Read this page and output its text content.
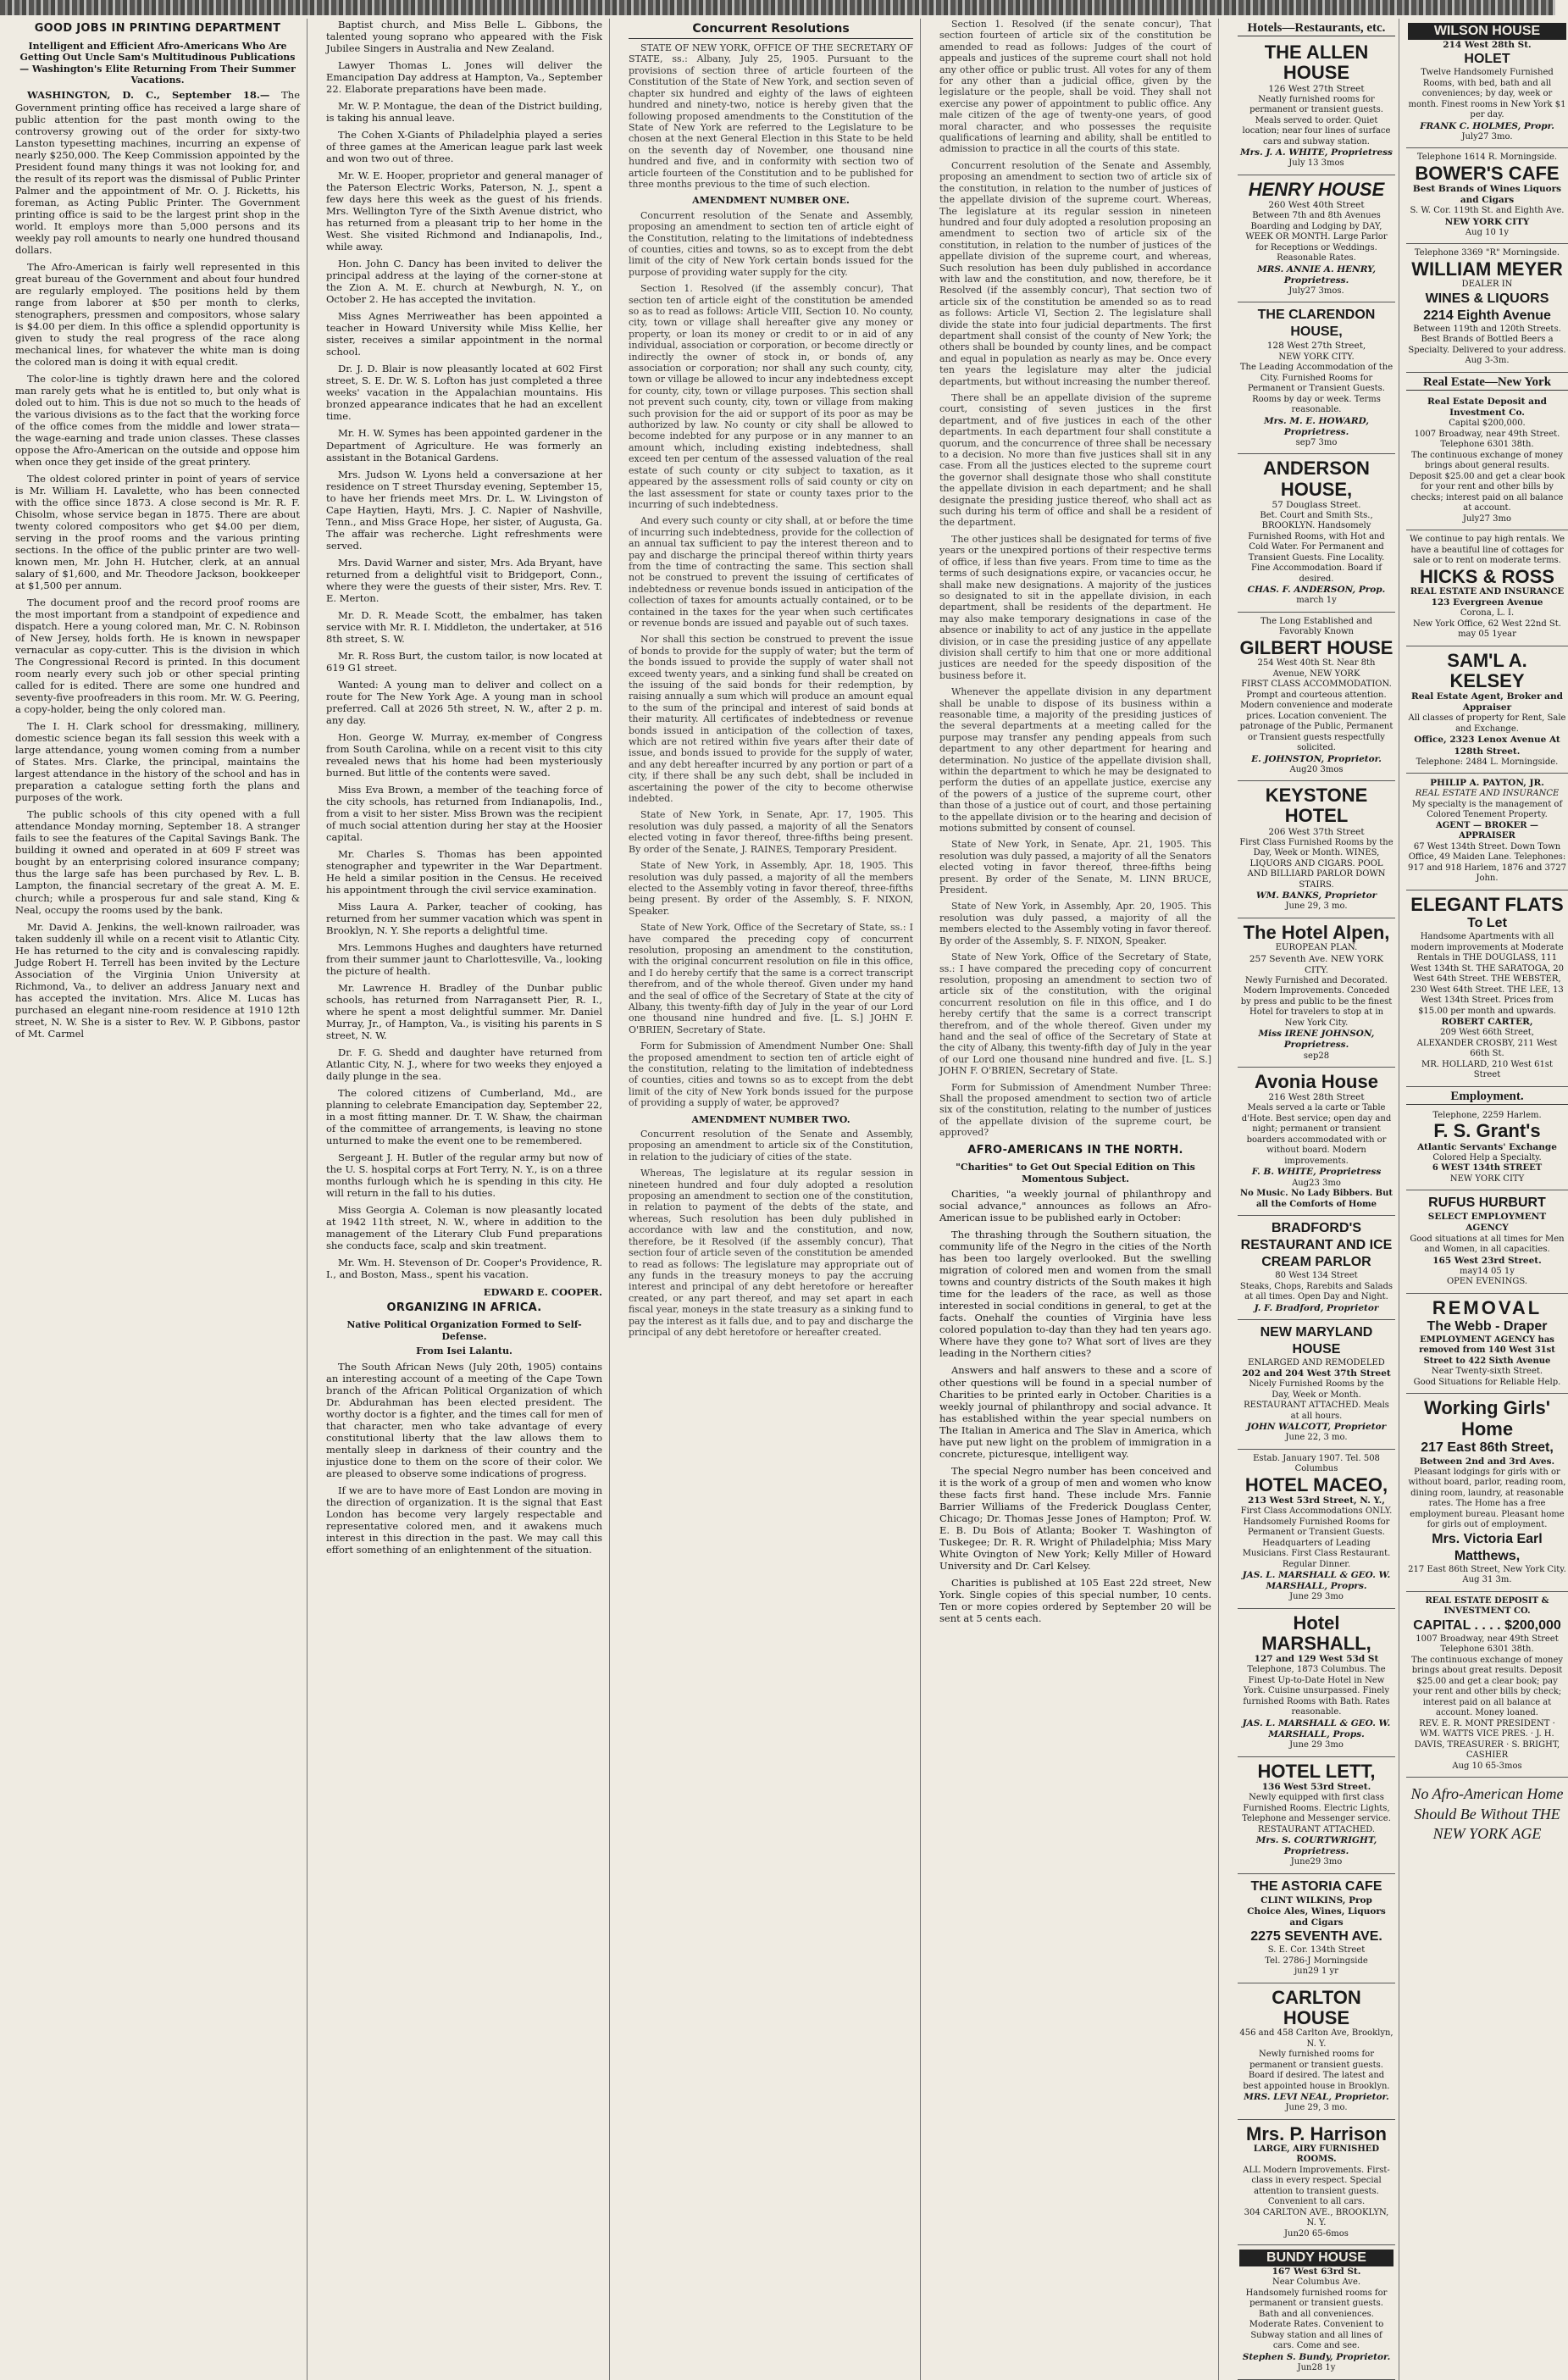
GOOD JOBS IN PRINTING DEPARTMENT
Intelligent and Efficient Afro-Americans Who Are Getting Out Uncle Sam's Multitudinous Publications — Washington's Elite Returning From Their Summer Vacations.

WASHINGTON, D. C., September 18.— The Government printing office has received a large share of public attention for the past month owing to the controversy growing out of the order for sixty-two Lanston typesetting machines, incurring an expense of nearly $250,000. The Keep Commission appointed by the President found many things it was not looking for, and the result of its report was the dismissal of Public Printer Palmer and the appointment of Mr. O. J. Ricketts, his foreman, as Acting Public Printer. The Government printing office is said to be the largest print shop in the world. It employs more than 5,000 persons and its weekly pay roll amounts to nearly one hundred thousand dollars.

The Afro-American is fairly well represented in this great bureau of the Government and about four hundred are regularly employed. The positions held by them range from laborer at $50 per month to clerks, stenographers, pressmen and compositors, whose salary is $4.00 per diem. In this office a splendid opportunity is given to study the real progress of the race along mechanical lines, for whatever the white man is doing the colored man is doing it with equal credit.

The color-line is tightly drawn here and the colored man rarely gets what he is entitled to, but only what is doled out to him. This is due not so much to the heads of the various divisions as to the fact that the working force of the office comes from the middle and lower strata—the wage-earning and trade union classes. These classes oppose the Afro-American on the outside and oppose him when once they get inside of the great printery.

The oldest colored printer in point of years of service is Mr. William H. Lavalette, who has been connected with the office since 1873. A close second is Mr. R. F. Chisolm, whose service began in 1875. There are about twenty colored compositors who get $4.00 per diem, serving in the proof rooms and the various printing sections. In the office of the public printer are two well-known men, Mr. John H. Hutcher, clerk, at an annual salary of $1,600, and Mr. Theodore Jackson, bookkeeper at $1,500 per annum.

The document proof and the record proof rooms are the most important from a standpoint of expedience and dispatch. Here a young colored man, Mr. C. N. Robinson of New Jersey, holds forth. He is known in newspaper vernacular as copy-cutter. This is the division in which The Congressional Record is printed. In this document room nearly every such job or other special printing called for is edited. There are some one hundred and seventy-five proofreaders in this room. Mr. W. G. Peering, a copy-holder, being the only colored man.

The I. H. Clark school for dressmaking, millinery, domestic science began its fall session this week with a large attendance, young women coming from a number of States. Mrs. Clarke, the principal, maintains the largest attendance in the history of the school and has in preparation a catalogue setting forth the plans and purposes of the work.

The public schools of this city opened with a full attendance Monday morning, September 18. A stranger fails to see the features of the Capital Savings Bank. The building it owned and operated in at 609 F street was bought by an enterprising colored insurance company; thus the large safe has been purchased by Rev. L. B. Lampton, the financial secretary of the great A. M. E. church; while a prosperous fur and sale stand, King & Neal, occupy the rooms used by the bank.

Mr. David A. Jenkins, the well-known railroader, was taken suddenly ill while on a recent visit to Atlantic City. He has returned to the city and is convalescing rapidly. Judge Robert H. Terrell has been invited by the Lecture Association of the Virginia Union University at Richmond, Va., to deliver an address January next and has accepted the invitation. Mrs. Alice M. Lucas has purchased an elegant nine-room residence at 1910 12th street, N. W. She is a sister to Rev. W. P. Gibbons, pastor of Mt. Carmel

Baptist church, and Miss Belle L. Gibbons, the talented young soprano who appeared with the Fisk Jubilee Singers in Australia and New Zealand.

Lawyer Thomas L. Jones will deliver the Emancipation Day address at Hampton, Va., September 22. Elaborate preparations have been made.

Mr. W. P. Montague, the dean of the District building, is taking his annual leave.

The Cohen X-Giants of Philadelphia played a series of three games at the American league park last week and won two out of three.

Mr. W. E. Hooper, proprietor and general manager of the Paterson Electric Works, Paterson, N. J., spent a few days here this week as the guest of his friends. Mrs. Wellington Tyre of the Sixth Avenue district, who has returned from a pleasant trip to her home in the West. She visited Richmond and Indianapolis, Ind., while away.

Hon. John C. Dancy has been invited to deliver the principal address at the laying of the corner-stone at the Zion A. M. E. church at Newburgh, N. Y., on October 2. He has accepted the invitation.

Miss Agnes Merriweather has been appointed a teacher in Howard University while Miss Kellie, her sister, receives a similar appointment in the normal school.

Dr. J. D. Blair is now pleasantly located at 602 First street, S. E. Dr. W. S. Lofton has just completed a three weeks' vacation in the Appalachian mountains. His bronzed appearance indicates that he had an excellent time.

Mr. H. W. Symes has been appointed gardener in the Department of Agriculture. He was formerly an assistant in the Botanical Gardens.

Mrs. Judson W. Lyons held a conversazione at her residence on T street Thursday evening, September 15, to have her friends meet Mrs. Dr. L. W. Livingston of Cape Haytien, Hayti, Mrs. J. C. Napier of Nashville, Tenn., and Miss Grace Hope, her sister, of Augusta, Ga. The affair was recherche. Light refreshments were served.

Mrs. David Warner and sister, Mrs. Ada Bryant, have returned from a delightful visit to Bridgeport, Conn., where they were the guests of their sister, Mrs. Rev. T. E. Merton.

Mr. D. R. Meade Scott, the embalmer, has taken service with Mr. R. I. Middleton, the undertaker, at 516 8th street, S. W.

Mr. R. Ross Burt, the custom tailor, is now located at 619 G1 street.

Wanted: A young man to deliver and collect on a route for The New York Age. A young man in school preferred. Call at 2026 5th street, N. W., after 2 p. m. any day.

Hon. George W. Murray, ex-member of Congress from South Carolina, while on a recent visit to this city revealed news that his home had been mysteriously burned. But little of the contents were saved.

Miss Eva Brown, a member of the teaching force of the city schools, has returned from Indianapolis, Ind., from a visit to her sister. Miss Brown was the recipient of much social attention during her stay at the Hoosier capital.

Mr. Charles S. Thomas has been appointed stenographer and typewriter in the War Department. He held a similar position in the Census. He received his appointment through the civil service examination.

Miss Laura A. Parker, teacher of cooking, has returned from her summer vacation which was spent in Brooklyn, N. Y. She reports a delightful time.

Mrs. Lemmons Hughes and daughters have returned from their summer jaunt to Charlottesville, Va., looking the picture of health.

Mr. Lawrence H. Bradley of the Dunbar public schools, has returned from Narragansett Pier, R. I., where he spent a most delightful summer. Mr. Daniel Murray, Jr., of Hampton, Va., is visiting his parents in S street, N. W.

Dr. F. G. Shedd and daughter have returned from Atlantic City, N. J., where for two weeks they enjoyed a daily plunge in the sea.

The colored citizens of Cumberland, Md., are planning to celebrate Emancipation day, September 22, in a most fitting manner. Dr. T. W. Shaw, the chairman of the committee of arrangements, is leaving no stone unturned to make the event one to be remembered.

Sergeant J. H. Butler of the regular army but now of the U. S. hospital corps at Fort Terry, N. Y., is on a three months furlough which he is spending in this city. He will return in the fall to his duties.

Miss Georgia A. Coleman is now pleasantly located at 1942 11th street, N. W., where in addition to the management of the Literary Club Fund preparations she conducts face, scalp and skin treatment.

Mr. Wm. H. Stevenson of Dr. Cooper's Providence, R. I., and Boston, Mass., spent his vacation.

EDWARD E. COOPER.
ORGANIZING IN AFRICA.
Native Political Organization Formed to Self-Defense.
From Isei Lalantu.

The South African News (July 20th, 1905) contains an interesting account of a meeting of the Cape Town branch of the African Political Organization of which Dr. Abdurahman has been elected president. The worthy doctor is a fighter, and the times call for men of that character, men who take advantage of every constitutional liberty that the law allows them to mentally sleep in darkness of their country and the injustice done to them on the score of their color. We are pleased to observe some indications of progress.

If we are to have more of East London are moving in the direction of organization. It is the signal that East London has become very largely respectable and representative colored men, and it awakens much interest in this direction in the past. We may call this effort something of an enlightenment of the situation.

Concurrent Resolutions

STATE OF NEW YORK, OFFICE OF THE SECRETARY OF STATE, ss.: Albany, July 25, 1905. Pursuant to the provisions of section three of article fourteen of the Constitution of the State of New York, and section seven of chapter six hundred and eighty of the laws of eighteen hundred and ninety-two, notice is hereby given that the following proposed amendments to the Constitution of the State of New York are referred to the Legislature to be chosen at the next General Election in this State to be held on the seventh day of November, one thousand nine hundred and five, and in conformity with section two of article fourteen of the Constitution and to be published for three months previous to the time of such election.

AMENDMENT NUMBER ONE.

Concurrent resolution of the Senate and Assembly, proposing an amendment to section ten of article eight of the Constitution, relating to the limitations of indebtedness of counties, cities and towns, so as to except from the debt limit of the city of New York certain bonds issued for the purpose of providing water supply for the city.

Section 1. Resolved (if the assembly concur), That section ten of article eight of the constitution be amended so as to read as follows: Article VIII, Section 10. No county, city, town or village shall hereafter give any money or property, or loan its money or credit to or in aid of any individual, association or corporation, or become directly or indirectly the owner of stock in, or bonds of, any association or corporation; nor shall any such county, city, town or village be allowed to incur any indebtedness except for county, city, town or village purposes. This section shall not prevent such county, city, town or village from making such provision for the aid or support of its poor as may be authorized by law. No county or city shall be allowed to become indebted for any purpose or in any manner to an amount which, including existing indebtedness, shall exceed ten per centum of the assessed valuation of the real estate of such county or city subject to taxation, as it appeared by the assessment rolls of said county or city on the last assessment for state or county taxes prior to the incurring of such indebtedness.

And every such county or city shall, at or before the time of incurring such indebtedness, provide for the collection of an annual tax sufficient to pay the interest thereon and to pay and discharge the principal thereof within thirty years from the time of contracting the same. This section shall not be construed to prevent the issuing of certificates of indebtedness or revenue bonds issued in anticipation of the collection of taxes for amounts actually contained, or to be contained in the taxes for the year when such certificates or revenue bonds are issued and payable out of such taxes.

Nor shall this section be construed to prevent the issue of bonds to provide for the supply of water; but the term of the bonds issued to provide the supply of water shall not exceed twenty years, and a sinking fund shall be created on the issuing of the said bonds for their redemption, by raising annually a sum which will produce an amount equal to the sum of the principal and interest of said bonds at their maturity. All certificates of indebtedness or revenue bonds issued in anticipation of the collection of taxes, which are not retired within five years after their date of issue, and bonds issued to provide for the supply of water, and any debt hereafter incurred by any portion or part of a city, if there shall be any such debt, shall be included in ascertaining the power of the city to become otherwise indebted.

State of New York, in Senate, Apr. 17, 1905. This resolution was duly passed, a majority of all the Senators elected voting in favor thereof, three-fifths being present. By order of the Senate, J. RAINES, Temporary President.

State of New York, in Assembly, Apr. 18, 1905. This resolution was duly passed, a majority of all the members elected to the Assembly voting in favor thereof, three-fifths being present. By order of the Assembly, S. F. NIXON, Speaker.

State of New York, Office of the Secretary of State, ss.: I have compared the preceding copy of concurrent resolution, proposing an amendment to the constitution, with the original concurrent resolution on file in this office, and I do hereby certify that the same is a correct transcript therefrom, and of the whole thereof. Given under my hand and the seal of office of the Secretary of State at the city of Albany, this twenty-fifth day of July in the year of our Lord one thousand nine hundred and five. [L. S.] JOHN F. O'BRIEN, Secretary of State.

Form for Submission of Amendment Number One: Shall the proposed amendment to section ten of article eight of the constitution, relating to the limitation of indebtedness of counties, cities and towns so as to except from the debt limit of the city of New York bonds issued for the purpose of providing a supply of water, be approved?

AMENDMENT NUMBER TWO.

Concurrent resolution of the Senate and Assembly, proposing an amendment to article six of the Constitution, in relation to the judiciary of cities of the state.

Whereas, The legislature at its regular session in nineteen hundred and four duly adopted a resolution proposing an amendment to section one of the constitution, in relation to payment of the debts of the state, and whereas, Such resolution has been duly published in accordance with law and the constitution, and now, therefore, be it Resolved (if the assembly concur), That section four of article seven of the constitution be amended to read as follows: The legislature may appropriate out of any funds in the treasury moneys to pay the accruing interest and principal of any debt heretofore or hereafter created, or any part thereof, and may set apart in each fiscal year, moneys in the state treasury as a sinking fund to pay the interest as it falls due, and to pay and discharge the principal of any debt heretofore or hereafter created.

Section 1. Resolved (if the senate concur), That section fourteen of article six of the constitution be amended to read as follows: Judges of the court of appeals and justices of the supreme court shall not hold any other office or public trust. All votes for any of them for any other than a judicial office, given by the legislature or the people, shall be void. They shall not exercise any power of appointment to public office. Any male citizen of the age of twenty-one years, of good moral character, and who possesses the requisite qualifications of learning and ability, shall be entitled to admission to practice in all the courts of this state.

Concurrent resolution of the Senate and Assembly, proposing an amendment to section two of article six of the constitution, in relation to the number of justices of the appellate division of the supreme court. Whereas, The legislature at its regular session in nineteen hundred and four duly adopted a resolution proposing an amendment to section two of article six of the constitution, in relation to the number of justices of the appellate division of the supreme court, and whereas, Such resolution has been duly published in accordance with law and the constitution, and now, therefore, be it Resolved (if the assembly concur), That section two of article six of the constitution be amended so as to read as follows: Article VI, Section 2. The legislature shall divide the state into four judicial departments. The first department shall consist of the county of New York; the others shall be bounded by county lines, and be compact and equal in population as nearly as may be. Once every ten years the legislature may alter the judicial departments, but without increasing the number thereof.

There shall be an appellate division of the supreme court, consisting of seven justices in the first department, and of five justices in each of the other departments. In each department four shall constitute a quorum, and the concurrence of three shall be necessary to a decision. No more than five justices shall sit in any case. From all the justices elected to the supreme court the governor shall designate those who shall constitute the appellate division in each department; and he shall designate the presiding justice thereof, who shall act as such during his term of office and shall be a resident of the department.

The other justices shall be designated for terms of five years or the unexpired portions of their respective terms of office, if less than five years. From time to time as the terms of such designations expire, or vacancies occur, he shall make new designations. A majority of the justices so designated to sit in the appellate division, in each department, shall be residents of the department. He may also make temporary designations in case of the absence or inability to act of any justice in the appellate division, or in case the presiding justice of any appellate division shall certify to him that one or more additional justices are needed for the speedy disposition of the business before it.

Whenever the appellate division in any department shall be unable to dispose of its business within a reasonable time, a majority of the presiding justices of the several departments at a meeting called for the purpose may transfer any pending appeals from such department to any other department for hearing and determination. No justice of the appellate division shall, within the department to which he may be designated to perform the duties of an appellate justice, exercise any of the powers of a justice of the supreme court, other than those of a justice out of court, and those pertaining to the appellate division or to the hearing and decision of motions submitted by consent of counsel.

State of New York, in Senate, Apr. 21, 1905. This resolution was duly passed, a majority of all the Senators elected voting in favor thereof, three-fifths being present. By order of the Senate, M. LINN BRUCE, President.

State of New York, in Assembly, Apr. 20, 1905. This resolution was duly passed, a majority of all the members elected to the Assembly voting in favor thereof. By order of the Assembly, S. F. NIXON, Speaker.

State of New York, Office of the Secretary of State, ss.: I have compared the preceding copy of concurrent resolution, proposing an amendment to section two of article six of the constitution, with the original concurrent resolution on file in this office, and I do hereby certify that the same is a correct transcript therefrom, and of the whole thereof. Given under my hand and the seal of office of the Secretary of State at the city of Albany, this twenty-fifth day of July in the year of our Lord one thousand nine hundred and five. [L. S.] JOHN F. O'BRIEN, Secretary of State.

Form for Submission of Amendment Number Three: Shall the proposed amendment to section two of article six of the constitution, relating to the number of justices of the appellate division of the supreme court, be approved?

AFRO-AMERICANS IN THE NORTH.
"Charities" to Get Out Special Edition on This Momentous Subject.

Charities, "a weekly journal of philanthropy and social advance," announces as follows an Afro-American issue to be published early in October:

The thrashing through the Southern situation, the community life of the Negro in the cities of the North has been too largely overlooked. But the swelling migration of colored men and women from the small towns and country districts of the South makes it high time for the leaders of the race, as well as those interested in social conditions in general, to get at the facts. Onehalf the counties of Virginia have less colored population to-day than they had ten years ago. Where have they gone to? What sort of lives are they leading in the Northern cities?

Answers and half answers to these and a score of other questions will be found in a special number of Charities to be printed early in October. Charities is a weekly journal of philanthropy and social advance. It has established within the year special numbers on The Italian in America and The Slav in America, which have put new light on the problem of immigration in a concrete, picturesque, intelligent way.

The special Negro number has been conceived and it is the work of a group of men and women who know these facts first hand. These include Mrs. Fannie Barrier Williams of the Frederick Douglass Center, Chicago; Dr. Thomas Jesse Jones of Hampton; Prof. W. E. B. Du Bois of Atlanta; Booker T. Washington of Tuskegee; Dr. R. R. Wright of Philadelphia; Miss Mary White Ovington of New York; Kelly Miller of Howard University and Dr. Carl Kelsey.

Charities is published at 105 East 22d street, New York. Single copies of this special number, 10 cents. Ten or more copies ordered by September 20 will be sent at 5 cents each.

Hotels—Restaurants, etc.
THE ALLEN HOUSE
126 West 27th Street
Neatly furnished rooms for permanent or transient guests. Meals served to order. Quiet location; near four lines of surface cars and subway station.
Mrs. J. A. WHITE, Proprietress
July 13 3mos
HENRY HOUSE
260 West 40th Street
Between 7th and 8th Avenues
Boarding and Lodging by DAY, WEEK OR MONTH. Large Parlor for Receptions or Weddings. Reasonable Rates.
MRS. ANNIE A. HENRY, Proprietress.
July27 3mos.
THE CLARENDON HOUSE,
128 West 27th Street,
NEW YORK CITY.
The Leading Accommodation of the City. Furnished Rooms for Permanent or Transient Guests. Rooms by day or week. Terms reasonable.
Mrs. M. E. HOWARD, Proprietress.
sep7 3mo
ANDERSON HOUSE,
57 Douglass Street.
Bet. Court and Smith Sts., BROOKLYN. Handsomely Furnished Rooms, with Hot and Cold Water. For Permanent and Transient Guests. Fine Locality. Fine Accommodation. Board if desired.
CHAS. F. ANDERSON, Prop.
march 1y
The Long Established and Favorably Known
GILBERT HOUSE
254 West 40th St. Near 8th Avenue, NEW YORK
FIRST CLASS ACCOMMODATION. Prompt and courteous attention. Modern convenience and moderate prices. Location convenient. The patronage of the Public, Permanent or Transient guests respectfully solicited.
E. JOHNSTON, Proprietor.
Aug20 3mos
KEYSTONE HOTEL
206 West 37th Street
First Class Furnished Rooms by the Day, Week or Month. WINES, LIQUORS AND CIGARS. POOL AND BILLIARD PARLOR DOWN STAIRS.
WM. BANKS, Proprietor
June 29, 3 mo.
The Hotel Alpen,
EUROPEAN PLAN.
257 Seventh Ave. NEW YORK CITY.
Newly Furnished and Decorated. Modern Improvements. Conceded by press and public to be the finest Hotel for travelers to stop at in New York City.
Miss IRENE JOHNSON, Proprietress.
sep28
Avonia House
216 West 28th Street
Meals served a la carte or Table d'Hote. Best service; open day and night; permanent or transient boarders accommodated with or without board. Modern improvements.
F. B. WHITE, Proprietress
Aug23 3mo
No Music. No Lady Bibbers. But all the Comforts of Home
BRADFORD'S RESTAURANT AND ICE CREAM PARLOR
80 West 134 Street
Steaks, Chops, Rarebits and Salads at all times. Open Day and Night.
J. F. Bradford, Proprietor
NEW MARYLAND HOUSE
ENLARGED AND REMODELED
202 and 204 West 37th Street
Nicely Furnished Rooms by the Day, Week or Month. RESTAURANT ATTACHED. Meals at all hours.
JOHN WALCOTT, Proprietor
June 22, 3 mo.
Estab. January 1907. Tel. 508 Columbus
HOTEL MACEO,
213 West 53rd Street, N. Y.,
First Class Accommodations ONLY. Handsomely Furnished Rooms for Permanent or Transient Guests. Headquarters of Leading Musicians. First Class Restaurant. Regular Dinner.
JAS. L. MARSHALL & GEO. W. MARSHALL, Proprs.
June 29 3mo
Hotel MARSHALL,
127 and 129 West 53d St
Telephone, 1873 Columbus. The Finest Up-to-Date Hotel in New York. Cuisine unsurpassed. Finely furnished Rooms with Bath. Rates reasonable.
JAS. L. MARSHALL & GEO. W. MARSHALL, Props.
June 29 3mo
HOTEL LETT,
136 West 53rd Street.
Newly equipped with first class Furnished Rooms. Electric Lights, Telephone and Messenger service. RESTAURANT ATTACHED.
Mrs. S. COURTWRIGHT, Proprietress.
June29 3mo
THE ASTORIA CAFE
CLINT WILKINS, Prop
Choice Ales, Wines, Liquors and Cigars
2275 SEVENTH AVE.
S. E. Cor. 134th Street
Tel. 2786-J Morningside
jun29 1 yr
CARLTON HOUSE
456 and 458 Carlton Ave, Brooklyn, N. Y.
Newly furnished rooms for permanent or transient guests. Board if desired. The latest and best appointed house in Brooklyn.
MRS. LEVI NEAL, Proprietor.
June 29, 3 mo.
Mrs. P. Harrison
LARGE, AIRY FURNISHED ROOMS.
ALL Modern Improvements. First-class in every respect. Special attention to transient guests. Convenient to all cars.
304 CARLTON AVE., BROOKLYN, N. Y.
Jun20 65-6mos
BUNDY HOUSE
167 West 63rd St.
Near Columbus Ave.
Handsomely furnished rooms for permanent or transient guests. Bath and all conveniences. Moderate Rates. Convenient to Subway station and all lines of cars. Come and see.
Stephen S. Bundy, Proprietor.
Jun28 1y
WILSON HOUSE
214 West 28th St.
HOLET
Twelve Handsomely Furnished Rooms, with bed, bath and all conveniences; by day, week or month. Finest rooms in New York $1 per day.
FRANK C. HOLMES, Propr.
July27 3mo.
Telephone 1614 R. Morningside.
BOWER'S CAFE
Best Brands of Wines Liquors and Cigars
S. W. Cor. 119th St. and Eighth Ave.
NEW YORK CITY
Aug 10 1y
Telephone 3369 "R" Morningside.
WILLIAM MEYER
DEALER IN
WINES & LIQUORS
2214 Eighth Avenue
Between 119th and 120th Streets.
Best Brands of Bottled Beers a Specialty. Delivered to your address.
Aug 3-3m.
Real Estate—New York
Real Estate Deposit and Investment Co.
Capital $200,000.
1007 Broadway, near 49th Street.
Telephone 6301 38th.
The continuous exchange of money brings about general results. Deposit $25.00 and get a clear book for your rent and other bills by checks; interest paid on all balance at account.
July27 3mo
We continue to pay high rentals. We have a beautiful line of cottages for sale or to rent on moderate terms.
HICKS & ROSS
REAL ESTATE AND INSURANCE
123 Evergreen Avenue
Corona, L. I.
New York Office, 62 West 22nd St.
may 05 1year
SAM'L A. KELSEY
Real Estate Agent, Broker and Appraiser
All classes of property for Rent, Sale and Exchange.
Office, 2323 Lenox Avenue At 128th Street.
Telephone: 2484 L. Morningside.
PHILIP A. PAYTON, JR.
REAL ESTATE AND INSURANCE
My specialty is the management of Colored Tenement Property.
AGENT — BROKER — APPRAISER
67 West 134th Street. Down Town Office, 49 Maiden Lane. Telephones: 917 and 918 Harlem, 1876 and 3727 John.
ELEGANT FLATS
To Let
Handsome Apartments with all modern improvements at Moderate Rentals in THE DOUGLASS, 111 West 134th St. THE SARATOGA, 20 West 64th Street. THE WEBSTER, 230 West 64th Street. THE LEE, 13 West 134th Street. Prices from $15.00 per month and upwards.
ROBERT CARTER,
209 West 66th Street,
ALEXANDER CROSBY, 211 West 66th St.
MR. HOLLARD, 210 West 61st Street
Employment.
Telephone, 2259 Harlem.
F. S. Grant's
Atlantic Servants' Exchange
Colored Help a Specialty.
6 WEST 134th STREET
NEW YORK CITY
RUFUS HURBURT
SELECT EMPLOYMENT AGENCY
Good situations at all times for Men and Women, in all capacities.
165 West 23rd Street.
may14 05 1y
OPEN EVENINGS.
REMOVAL
The Webb - Draper
EMPLOYMENT AGENCY has removed from 140 West 31st Street to 422 Sixth Avenue
Near Twenty-sixth Street.
Good Situations for Reliable Help.
Working Girls' Home
217 East 86th Street,
Between 2nd and 3rd Aves.
Pleasant lodgings for girls with or without board, parlor, reading room, dining room, laundry, at reasonable rates. The Home has a free employment bureau. Pleasant home for girls out of employment.
Mrs. Victoria Earl Matthews,
217 East 86th Street, New York City.
Aug 31 3m.
REAL ESTATE DEPOSIT & INVESTMENT CO.
CAPITAL . . . . $200,000
1007 Broadway, near 49th Street
Telephone 6301 38th.
The continuous exchange of money brings about great results. Deposit $25.00 and get a clear book; pay your rent and other bills by check; interest paid on all balance at account. Money loaned.
REV. E. R. MONT PRESIDENT · WM. WATTS VICE PRES. · J. H. DAVIS, TREASURER · S. BRIGHT, CASHIER
Aug 10 65-3mos
No Afro-American Home Should Be Without THE NEW YORK AGE
